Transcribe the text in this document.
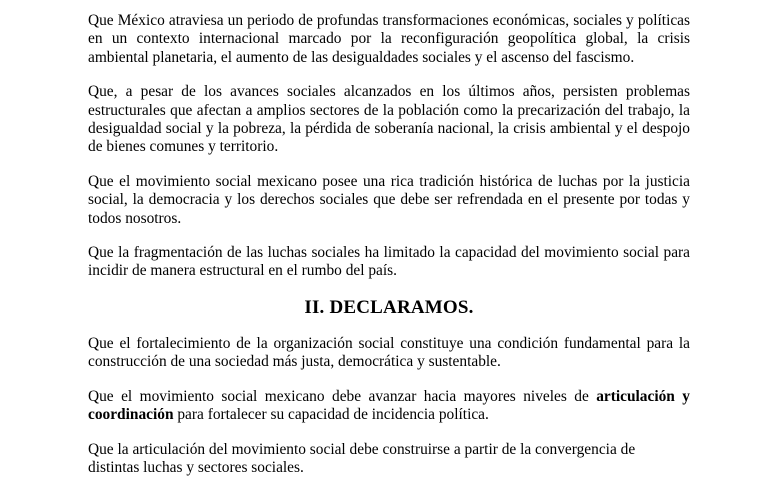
Que México atraviesa un periodo de profundas transformaciones económicas, sociales y políticas en un contexto internacional marcado por la reconfiguración geopolítica global, la crisis ambiental planetaria, el aumento de las desigualdades sociales y el ascenso del fascismo.

Que, a pesar de los avances sociales alcanzados en los últimos años, persisten problemas estructurales que afectan a amplios sectores de la población como la precarización del trabajo, la desigualdad social y la pobreza, la pérdida de soberanía nacional, la crisis ambiental y el despojo de bienes comunes y territorio.

Que el movimiento social mexicano posee una rica tradición histórica de luchas por la justicia social, la democracia y los derechos sociales que debe ser refrendada en el presente por todas y todos nosotros.

Que la fragmentación de las luchas sociales ha limitado la capacidad del movimiento social para incidir de manera estructural en el rumbo del país.

II. DECLARAMOS.

Que el fortalecimiento de la organización social constituye una condición fundamental para la construcción de una sociedad más justa, democrática y sustentable.

Que el movimiento social mexicano debe avanzar hacia mayores niveles de articulación y coordinación para fortalecer su capacidad de incidencia política.

Que la articulación del movimiento social debe construirse a partir de la convergencia de distintas luchas y sectores sociales.
